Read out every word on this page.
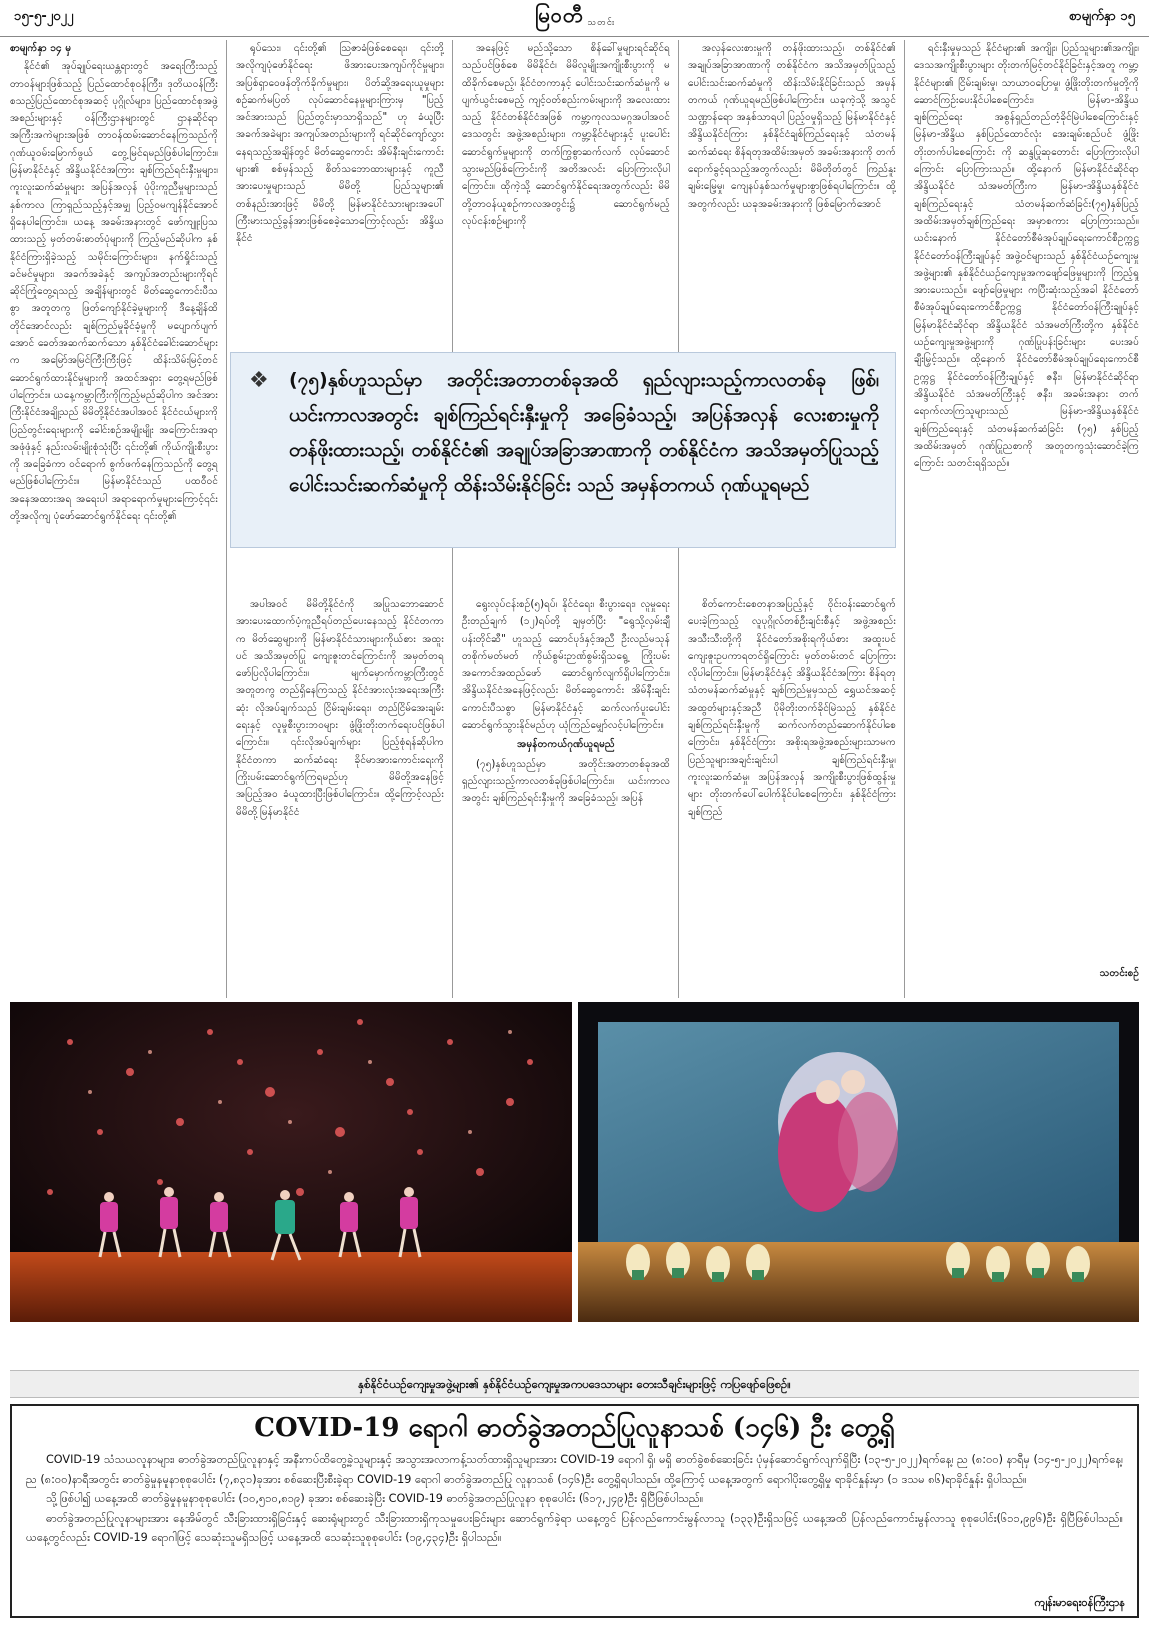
၁၅-၅-၂၀၂၂	မြဝတီ သတင်း	စာမျက်နှာ ၁၅

စာမျက်နှာ ၁၄ မှ

နိုင်ငံ၏ အုပ်ချုပ်ရေးယန္တရားတွင် အရေးကြီးသည့် တာဝန်များဖြစ်သည့် ပြည်ထောင်စုဝန်ကြီး၊ ဒုတိယဝန်ကြီး စသည့်ပြည်ထောင်စုအဆင့် ပုဂ္ဂိုလ်များ၊ ပြည်ထောင်စုအဖွဲ့အစည်းများနှင့် ဝန်ကြီးဌာနများတွင် ဌာနဆိုင်ရာ အကြီးအကဲများအဖြစ် တာဝန်ထမ်းဆောင်နေကြသည်ကို ဂုဏ်ယူဝမ်းမြောက်ဖွယ် တွေ့မြင်ရမည်ဖြစ်ပါကြောင်း။ မြန်မာနိုင်ငံနှင့် အိန္ဒိယနိုင်ငံအကြား ချစ်ကြည်ရင်းနှီးမှုများ၊ ကူးလူးဆက်ဆံမှုများ အပြန်အလှန် ပုံပိုးကူညီမှုများသည် နှစ်ကာလ ကြာရှည်သည့်နှင့်အမျှ ပြည့်ဝမကျန်နိုင်အောင် ရှိနေပါကြောင်း။ ယနေ့ အခမ်းအနားတွင် ဖော်ကျူးပြသထားသည့် မှတ်တမ်းဓာတ်ပုံများကို ကြည့်မည်ဆိုပါက နှစ်နိုင်ငံကြားရှိခဲ့သည့် သမိုင်းကြောင်းများ၊ နက်ရှိုင်းသည့် ခင်မင်မှုများ၊ အခက်အခဲနှင့် အကျပ်အတည်းများကိုရင်ဆိုင်ကြုံတွေ့ရသည့် အချိန်များတွင် မိတ်ဆွေကောင်းပီသစွာ အတူတကွ ဖြတ်ကျော်နိုင်ခဲ့မှုများကို ဒီနေ့ချိန်ထိတိုင်အောင်လည်း ချစ်ကြည်မှုခိုင်ခံ့မှုကို မပျောက်ပျက်အောင် ခေတ်အဆက်ဆက်သော နှစ်နိုင်ငံခေါင်းဆောင်များက အမြော်အမြင်ကြီးကြီးဖြင့် ထိန်းသိမ်းမြင့်တင် ဆောင်ရွက်ထားနိုင်မှုများကို အထင်အရှား တွေ့ရမည်ဖြစ်ပါကြောင်း။ ယနေ့ကမ္ဘာကြီးကိုကြည့်မည်ဆိုပါက အင်အားကြီးနိုင်ငံအချို့သည် မိမိတို့နိုင်ငံအပါအဝင် နိုင်ငံငယ်များကို ပြည်တွင်းရေးများကို ခေါင်းစဉ်အမျိုးမျိုး အကြောင်းအရာ အဖုံဖုံနှင့် နည်းလမ်းမျိုးစုံသုံးပြီး ၎င်းတို့၏ ကိုယ်ကျိုးစီးပွားကို အခြေခံကာ ဝင်ရောက် စွက်ဖက်နေကြသည်ကို တွေ့ရမည်ဖြစ်ပါကြောင်း။ မြန်မာနိုင်ငံသည် ပထဝီဝင်အနေအထားအရ အရေးပါ အရာရောက်မှုများကြောင့်၎င်းတို့အလိုကျ ပုံဖော်ဆောင်ရွက်နိုင်ရေး ၎င်းတို့၏

ရုပ်သေး၊ ၎င်းတို့၏ သြဇာခံဖြစ်စေရေး၊ ၎င်းတို့ အလိုကျပုံဖော်နိုင်ရေး ဖိအားပေးအကျပ်ကိုင်မှုများ၊ အပြစ်ရှာဝေဖန်တိုက်ခိုက်မှုများ၊ ပိတ်ဆို့အရေးယူမှုများ စဉ်ဆက်မပြတ် လုပ်ဆောင်နေမှုများကြားမှ "ပြည့်အင်အားသည် ပြည်တွင်းမှာသာရှိသည်" ဟု ခံယူပြီး အခက်အခဲများ အကျပ်အတည်းများကို ရင်ဆိုင်ကျော်လွှားနေရသည့်အချိန်တွင် မိတ်ဆွေကောင်း အိမ်နီးချင်းကောင်းများ၏ စစ်မှန်သည့် စိတ်သဘောထားများနှင့် ကူညီအားပေးမှုများသည် မိမိတို့ ပြည်သူများ၏ တစ်နည်းအားဖြင့် မိမိတို့ မြန်မာနိုင်ငံသားများအပေါ် ကြီးမားသည့်ခွန်အားဖြစ်စေခဲ့သောကြောင့်လည်း အိန္ဒိယနိုင်ငံ

အပါအဝင် မိမိတို့နိုင်ငံကို အပြုသဘောဆောင် အားပေးထောက်ပံ့ကူညီရပ်တည်ပေးနေသည့် နိုင်ငံတကာက မိတ်ဆွေများကို မြန်မာနိုင်ငံသားများကိုယ်စား အထူးပင် အသိအမှတ်ပြု ကျေးဇူးတင်ကြောင်းကို အမှတ်တရဖော်ပြလိုပါကြောင်း။ မျက်မှောက်ကမ္ဘာကြီးတွင် အတူတကွ တည်ရှိနေကြသည့် နိုင်ငံအားလုံးအရေးအကြီးဆုံး လိုအပ်ချက်သည် ငြိမ်းချမ်းရေး၊ တည်ငြိမ်အေးချမ်းရေးနှင့် လူမှုစီးပွားဘဝများ ဖွံ့ဖြိုးတိုးတက်ရေးပင်ဖြစ်ပါကြောင်း။ ၎င်းလိုအပ်ချက်များ ပြည့်စုံရန်ဆိုပါက နိုင်ငံတကာ ဆက်ဆံရေး ခိုင်မာအားကောင်းရေးကို ကြိုးပမ်းဆောင်ရွက်ကြရမည်ဟု မိမိတို့အနေဖြင့် အပြည့်အဝ ခံယူထားပြီးဖြစ်ပါကြောင်း။ ထို့ကြောင့်လည်း မိမိတို့မြန်မာနိုင်ငံ

အနေဖြင့် မည်သို့သော စိန်ခေါ်မှုများရင်ဆိုင်ရသည်ပင်ဖြစ်စေ မိမိနိုင်ငံ၊ မိမိလူမျိုးအကျိုးစီးပွားကို မထိခိုက်စေမည့်၊ နိုင်ငံတကာနှင့် ပေါင်းသင်းဆက်ဆံမှုကို မပျက်ယွင်းစေမည့် ကျင့်ဝတ်စည်းကမ်းများကို အလေးထားသည့် နိုင်ငံတစ်နိုင်ငံအဖြစ် ကမ္ဘာ့ကုလသမဂ္ဂအပါအဝင် ဒေသတွင်း အဖွဲ့အစည်းများ၊ ကမ္ဘာ့နိုင်ငံများနှင့် ပူးပေါင်းဆောင်ရွက်မှုများကို တက်ကြွစွာဆက်လက် လုပ်ဆောင်သွားမည်ဖြစ်ကြောင်းကို အတိအလင်း ပြောကြားလိုပါကြောင်း။ ထိုကဲ့သို့ ဆောင်ရွက်နိုင်ရေးအတွက်လည်း မိမိတို့တာဝန်ယူစဉ်ကာလအတွင်း၌ ဆောင်ရွက်မည့် လုပ်ငန်းစဉ်များကို

ရွေးလုပ်ငန်းစဉ်(၅)ရပ်၊ နိုင်ငံရေး၊ စီးပွားရေး၊ လူမှုရေး ဦးတည်ချက် (၁၂)ရပ်တို့ ချမှတ်ပြီး "ရွေသို့လှမ်းချီ ပန်းတိုင်ဆီ" ဟူသည့် ဆောင်ပုဒ်နှင့်အညီ ဦးလည်မသုန် တစိုက်မတ်မတ် ကိုယ်စွမ်းဉာဏ်စွမ်းရှိသရွေ့ ကြိုးပမ်းအကောင်အထည်ဖော် ဆောင်ရွက်လျက်ရှိပါကြောင်း။ အိန္ဒိယနိုင်ငံအနေဖြင့်လည်း မိတ်ဆွေကောင်း အိမ်နီးချင်းကောင်းပီသစွာ မြန်မာနိုင်ငံနှင့် ဆက်လက်ပူးပေါင်းဆောင်ရွက်သွားနိုင်မည်ဟု ယုံကြည်မျှော်လင့်ပါကြောင်း။

အမှန်တကယ်ဂုဏ်ယူရမည်

(၇၅)နှစ်ဟူသည်မှာ အတိုင်းအတာတစ်ခုအထိ ရှည်လျားသည့်ကာလတစ်ခုဖြစ်ပါကြောင်း။ ယင်းကာလအတွင်း ချစ်ကြည်ရင်းနှီးမှုကို အခြေခံသည့်၊ အပြန်

အလှန်လေးစားမှုကို တန်ဖိုးထားသည့်၊ တစ်နိုင်ငံ၏ အချုပ်အခြာအာဏာကို တစ်နိုင်ငံက အသိအမှတ်ပြုသည့် ပေါင်းသင်းဆက်ဆံမှုကို ထိန်းသိမ်းနိုင်ခြင်းသည် အမှန်တကယ် ဂုဏ်ယူရမည်ဖြစ်ပါကြောင်း။ ယခုကဲ့သို့ အသွင်သဏ္ဌာန်ရော အနှစ်သာရပါ ပြည့်ဝမှုရှိသည့် မြန်မာနိုင်ငံနှင့် အိန္ဒိယနိုင်ငံကြား နှစ်နိုင်ငံချစ်ကြည်ရေးနှင့် သံတမန်ဆက်ဆံရေး စိန်ရတုအထိမ်းအမှတ် အခမ်းအနားကို တက်ရောက်ခွင့်ရသည့်အတွက်လည်း မိမိတိုတ်တွင် ကြည်နူးချမ်းမြေ့မှု၊ ကျေနပ်နှစ်သက်မှုများစွာဖြစ်ရပါကြောင်း။ ထို့အတွက်လည်း ယခုအခမ်းအနားကို ဖြစ်မြောက်အောင်

စိတ်ကောင်းစေတနာအပြည့်နှင့် ဝိုင်းဝန်းဆောင်ရွက်ပေးခဲ့ကြသည့် လူပုဂ္ဂိုလ်တစ်ဦးချင်းစီနှင့် အဖွဲ့အစည်း အသီးသီးတို့ကို နိုင်ငံတော်အစိုးရကိုယ်စား အထူးပင် ကျေးဇူးဥပကာရတင်ရှိကြောင်း မှတ်တမ်းတင် ပြောကြားလိုပါကြောင်း။ မြန်မာနိုင်ငံနှင့် အိန္ဒိယနိုင်ငံအကြား စိန်ရတုသံတမန်ဆက်ဆံမှုနှင့် ချစ်ကြည်မှုမှသည် ရွှေယင်အဆင့်အထွတ်များနှင့်အညီ ပိုမိုတိုးတက်ခိုင်မြဲသည့် နှစ်နိုင်ငံ ချစ်ကြည်ရင်းနှီးမှုကို ဆက်လက်တည်ဆောက်နိုင်ပါစေကြောင်း၊ နှစ်နိုင်ငံကြား အစိုးရအဖွဲ့အစည်းများသာမက ပြည်သူများအချင်းချင်းပါ ချစ်ကြည်ရင်းနှီးမှု၊ ကူးလူးဆက်ဆံမှု၊ အပြန်အလှန် အကျိုးစီးပွားဖြစ်ထွန်းမှုများ တိုးတက်ပေါ်ပေါက်နိုင်ပါစေကြောင်း၊ နှစ်နိုင်ငံကြား ချစ်ကြည်

ရင်းနှီးမှုမှသည် နိုင်ငံများ၏ အကျိုး၊ ပြည်သူများ၏အကျိုး၊ ဒေသအကျိုးစီးပွားများ တိုးတက်မြင့်တင်နိုင်ခြင်းနှင့်အတူ ကမ္ဘာ့နိုင်ငံများ၏ ငြိမ်းချမ်းမှု၊ သာယာဝပြောမှု၊ ဖွံ့ဖြိုးတိုးတက်မှုတို့ကို ဆောင်ကြဉ်းပေးနိုင်ပါစေကြောင်း၊ မြန်မာ-အိန္ဒိယ ချစ်ကြည်ရေး အစွန်ရှည်တည်တံ့ခိုင်မြဲပါစေကြောင်းနှင့် မြန်မာ-အိန္ဒိယ နှစ်ပြည်ထောင်လုံး အေးချမ်းစည်ပင် ဖွံ့ဖြိုးတိုးတက်ပါစေကြောင်း ကို ဆန္ဒပြုဆုတောင်း ပြောကြားလိုပါကြောင်း ပြောကြားသည်။ ထို့နောက် မြန်မာနိုင်ငံဆိုင်ရာ အိန္ဒိယနိုင်ငံ သံအမတ်ကြီးက မြန်မာ-အိန္ဒိယနှစ်နိုင်ငံ ချစ်ကြည်ရေးနှင့် သံတမန်ဆက်ဆံခြင်း(၇၅)နှစ်ပြည့် အထိမ်းအမှတ်ချစ်ကြည်ရေး အမှာစကား ပြောကြားသည်။ ယင်းနောက် နိုင်ငံတော်စီမံအုပ်ချုပ်ရေးကောင်စီဥက္ကဋ္ဌ နိုင်ငံတော်ဝန်ကြီးချုပ်နှင့် အဖွဲ့ဝင်များသည် နှစ်နိုင်ငံယဉ်ကျေးမှုအဖွဲ့များ၏ နှစ်နိုင်ငံယဉ်ကျေးမှုအကဖျော်ဖြေမှုများကို ကြည့်ရှုအားပေးသည်။ ဖျော်ဖြေမှုများ ကပြီးဆုံးသည့်အခါ နိုင်ငံတော်စီမံအုပ်ချုပ်ရေးကောင်စီဥက္ကဋ္ဌ နိုင်ငံတော်ဝန်ကြီးချုပ်နှင့် မြန်မာနိုင်ငံဆိုင်ရာ အိန္ဒိယနိုင်ငံ သံအမတ်ကြီးတို့က နှစ်နိုင်ငံ ယဉ်ကျေးမှုအဖွဲ့များကို ဂုဏ်ပြုပန်းခြင်းများ ပေးအပ်ချီးမြှင့်သည်။ ထို့နောက် နိုင်ငံတော်စီမံအုပ်ချုပ်ရေးကောင်စီဥက္ကဋ္ဌ နိုင်ငံတော်ဝန်ကြီးချုပ်နှင့် ဇနီး၊ မြန်မာနိုင်ငံဆိုင်ရာ အိန္ဒိယနိုင်ငံ သံအမတ်ကြီးနှင့် ဇနီး၊ အခမ်းအနား တက်ရောက်လာကြသူများသည် မြန်မာ-အိန္ဒိယနှစ်နိုင်ငံ ချစ်ကြည်ရေးနှင့် သံတမန်ဆက်ဆံခြင်း (၇၅) နှစ်ပြည့် အထိမ်းအမှတ် ဂုဏ်ပြုညစာကို အတူတကွသုံးဆောင်ခဲ့ကြကြောင်း သတင်းရရှိသည်။

သတင်းစဉ်

❖ (၇၅)နှစ်ဟူသည်မှာ အတိုင်းအတာတစ်ခုအထိ ရှည်လျားသည့်ကာလတစ်ခု ဖြစ်၊ ယင်းကာလအတွင်း ချစ်ကြည်ရင်းနှီးမှုကို အခြေခံသည့်၊ အပြန်အလှန် လေးစားမှုကို တန်ဖိုးထားသည့်၊ တစ်နိုင်ငံ၏ အချုပ်အခြာအာဏာကို တစ်နိုင်ငံက အသိအမှတ်ပြုသည့် ပေါင်းသင်းဆက်ဆံမှုကို ထိန်းသိမ်းနိုင်ခြင်း သည် အမှန်တကယ် ဂုဏ်ယူရမည်
နှစ်နိုင်ငံယဉ်ကျေးမှုအဖွဲ့များ၏ နှစ်နိုင်ငံယဉ်ကျေးမှုအကပဒေသာများ တေးသီချင်းများဖြင့် ကပြဖျော်ဖြေစဉ်။
COVID-19 ရောဂါ ဓာတ်ခွဲအတည်ပြုလူနာသစ် (၁၄၆) ဦး တွေ့ရှိ

COVID-19 သံသယလူနာများ၊ ဓာတ်ခွဲအတည်ပြုလူနာနှင့် အနီးကပ်ထိတွေ့ခဲ့သူများနှင့် အသွားအလာကန့်သတ်ထားရှိသူများအား COVID-19 ရောဂါ ရှိ၊ မရှိ ဓာတ်ခွဲစစ်ဆေးခြင်း ပုံမှန်ဆောင်ရွက်လျက်ရှိပြီး (၁၃-၅-၂၀၂၂)ရက်နေ့၊ ည (၈:၀၀) နာရီမှ (၁၄-၅-၂၀၂၂)ရက်နေ့၊ ည (၈:၀၀)နာရီအတွင်း ဓာတ်ခွဲမှုနမူနာစုစုပေါင်း (၇,၈၃၁)ခုအား စစ်ဆေးပြီးစီးခဲ့ရာ COVID-19 ရောဂါ ဓာတ်ခွဲအတည်ပြု လူနာသစ် (၁၄၆)ဦး တွေ့ရှိရပါသည်။ ထို့ကြောင့် ယနေ့အတွက် ရောဂါပိုးတွေ့ရှိမှု ရာခိုင်နှုန်းမှာ (၁ ဒသမ ၈၆)ရာခိုင်နှုန်း ရှိပါသည်။

သို့ဖြစ်ပါ၍ ယနေ့အထိ ဓာတ်ခွဲမှုနမူနာစုစုပေါင်း (၁၀,၅၁၀,၈၁၉) ခုအား စစ်ဆေးခဲ့ပြီး COVID-19 ဓာတ်ခွဲအတည်ပြုလူနာ စုစုပေါင်း (၆၁၇,၂၄၉)ဦး ရှိပြီဖြစ်ပါသည်။

ဓာတ်ခွဲအတည်ပြုလူနာများအား နေအိမ်တွင် သီးခြားထားရှိခြင်းနှင့် ဆေးရုံများတွင် သီးခြားထားရှိကုသမှုပေးခြင်းများ ဆောင်ရွက်ခဲ့ရာ ယနေ့တွင် ပြန်လည်ကောင်းမွန်လာသူ (၁၃၃)ဦးရှိသဖြင့် ယနေ့အထိ ပြန်လည်ကောင်းမွန်လာသူ စုစုပေါင်း(၆၁၁,၉၉၆)ဦး ရှိပြီဖြစ်ပါသည်။ ယနေ့တွင်လည်း COVID-19 ရောဂါဖြင့် သေဆုံးသူမရှိသဖြင့် ယနေ့အထိ သေဆုံးသူစုစုပေါင်း (၁၉,၄၃၄)ဦး ရှိပါသည်။

ကျန်းမာရေးဝန်ကြီးဌာန
